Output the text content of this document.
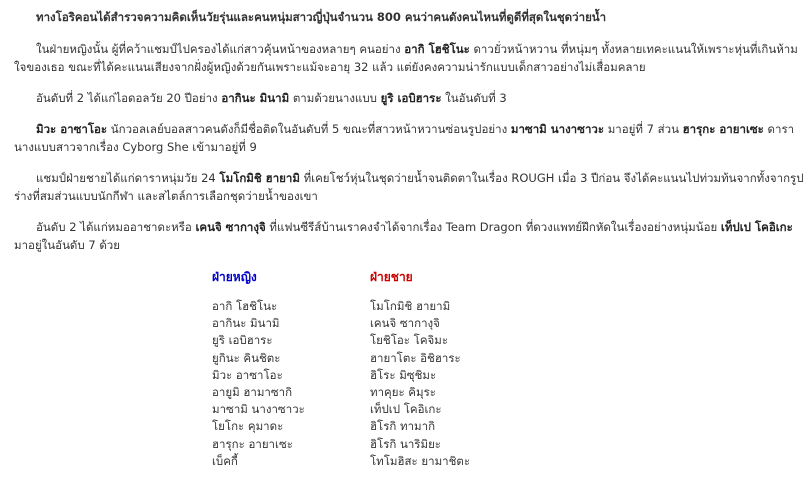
ทางโอริคอนได้สำรวจความคิดเห็นวัยรุ่นและคนหนุ่มสาวญี่ปุ่นจำนวน 800 คนว่าคนดังคนไหนที่ดูดีที่สุดในชุดว่ายน้ำ

ในฝ่ายหญิงนั้น ผู้ที่คว้าแชมป์ไปครองได้แก่สาวคุ้นหน้าของหลายๆ คนอย่าง อากิ โฮชิโนะ ดาวยั่วหน้าหวาน ที่หนุ่มๆ ทั้งหลายเทคะแนนให้เพราะหุ่นที่เกินห้ามใจของเธอ ขณะที่ได้คะแนนเสียงจากฝั่งผู้หญิงด้วยกันเพราะแม้จะอายุ 32 แล้ว แต่ยังคงความน่ารักแบบเด็กสาวอย่างไม่เสื่อมคลาย

อันดับที่ 2 ได้แก่ไอดอลวัย 20 ปีอย่าง อากินะ มินามิ ตามด้วยนางแบบ ยูริ เอบิฮาระ ในอันดับที่ 3

มิวะ อาซาโอะ นักวอลเลย์บอลสาวคนดังก็มีชื่อติดในอันดับที่ 5 ขณะที่สาวหน้าหวานซ่อนรูปอย่าง มาซามิ นางาซาวะ มาอยู่ที่ 7 ส่วน ฮารุกะ อายาเซะ ดารานางแบบสาวจากเรื่อง Cyborg She เข้ามาอยู่ที่ 9

แชมป์ฝ่ายชายได้แก่ดาราหนุ่มวัย 24 โมโกมิชิ ฮายามิ ที่เคยโชว์หุ่นในชุดว่ายน้ำจนติดตาในเรื่อง ROUGH เมื่อ 3 ปีก่อน จึงได้คะแนนไปท่วมท้นจากทั้งจากรูปร่างที่สมส่วนแบบนักกีฬา และสไตล์การเลือกชุดว่ายน้ำของเขา

อันดับ 2 ได้แก่หมออาชาดะหรือ เคนจิ ซากางุจิ ที่แฟนซีรีส์บ้านเราคงจำได้จากเรื่อง Team Dragon ที่ดวงแพทย์ฝึกหัดในเรื่องอย่างหนุ่มน้อย เท็ปเป โคอิเกะ มาอยู่ในอันดับ 7 ด้วย

ฝ่ายหญิง
อากิ โฮชิโนะ
อากินะ มินามิ
ยูริ เอบิฮาระ
ยูกินะ คินชิตะ
มิวะ อาซาโอะ
อายูมิ ฮามาซากิ
มาซามิ นางาซาวะ
โยโกะ คุมาดะ
ฮารุกะ อายาเซะ
เบ็คกี้
ฝ่ายชาย
โมโกมิชิ ฮายามิ
เคนจิ ซากางุจิ
โยชิโอะ โคจิมะ
ฮายาโตะ อิชิฮาระ
ฮิโระ มิซุชิมะ
ทาคุยะ คิมุระ
เท็ปเป โคอิเกะ
ฮิโรกิ ทามากิ
ฮิโรกิ นาริมิยะ
โทโมฮิสะ ยามาชิตะ
